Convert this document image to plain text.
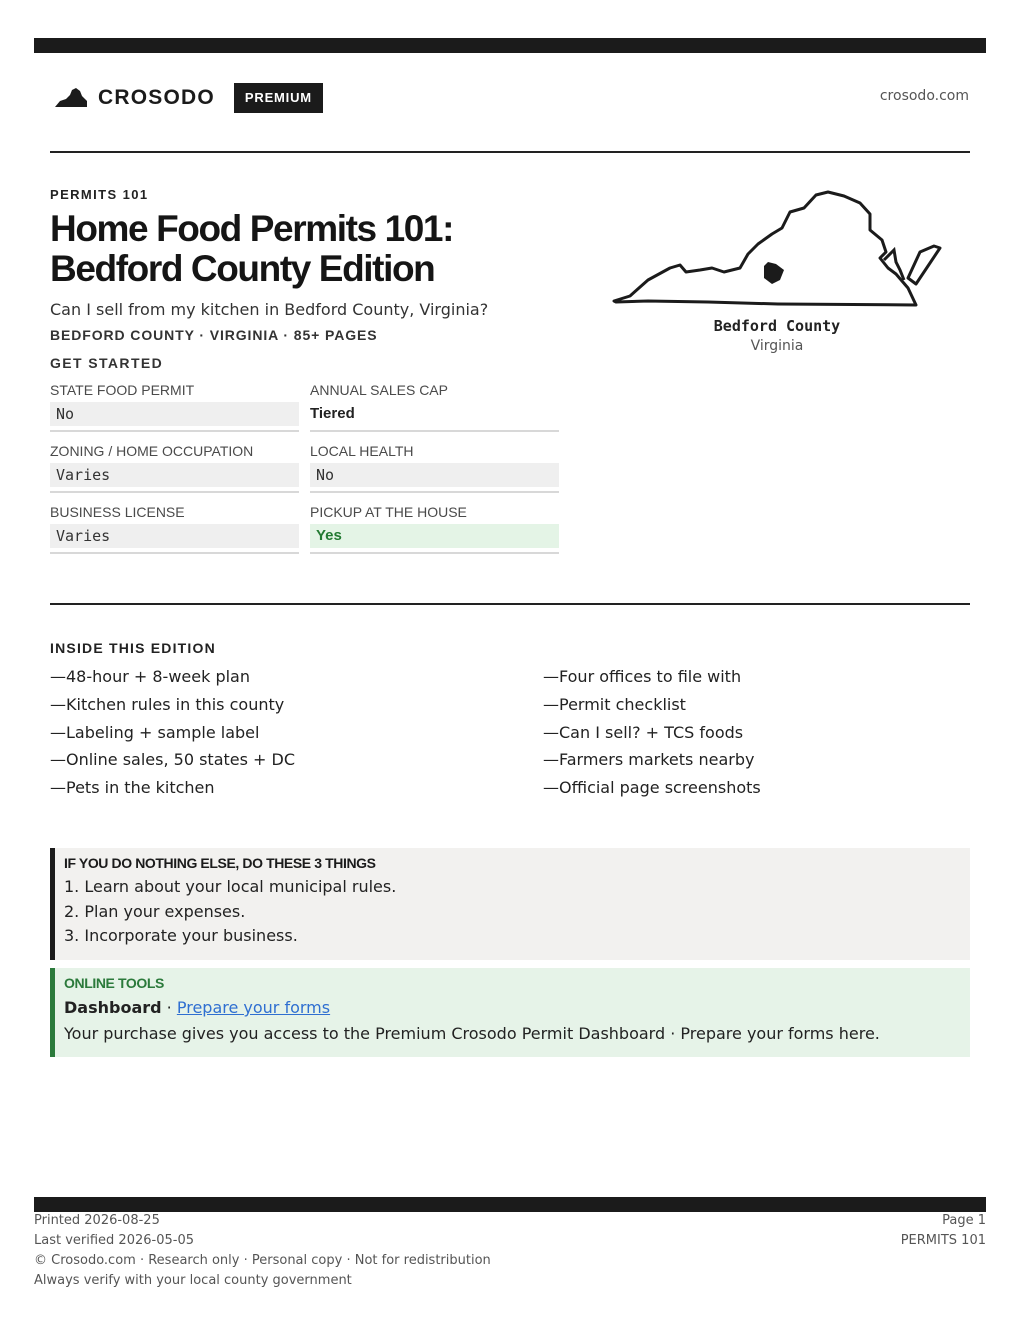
CROSODO	PREMIUM	crosodo.com
PERMITS 101
Home Food Permits 101: Bedford County Edition
Can I sell from my kitchen in Bedford County, Virginia?
BEDFORD COUNTY · VIRGINIA · 85+ PAGES
GET STARTED
STATE FOOD PERMIT
No
ANNUAL SALES CAP
Tiered
ZONING / HOME OCCUPATION
Varies
LOCAL HEALTH
No
BUSINESS LICENSE
Varies
PICKUP AT THE HOUSE
Yes
Bedford County
Virginia
INSIDE THIS EDITION
—48-hour + 8-week plan
—Kitchen rules in this county
—Labeling + sample label
—Online sales, 50 states + DC
—Pets in the kitchen
—Four offices to file with
—Permit checklist
—Can I sell? + TCS foods
—Farmers markets nearby
—Official page screenshots
IF YOU DO NOTHING ELSE, DO THESE 3 THINGS
1. Learn about your local municipal rules.
2. Plan your expenses.
3. Incorporate your business.
ONLINE TOOLS
Dashboard · Prepare your forms
Your purchase gives you access to the Premium Crosodo Permit Dashboard · Prepare your forms here.
Printed 2026-08-25
Last verified 2026-05-05
© Crosodo.com · Research only · Personal copy · Not for redistribution
Always verify with your local county government
Page 1
PERMITS 101
